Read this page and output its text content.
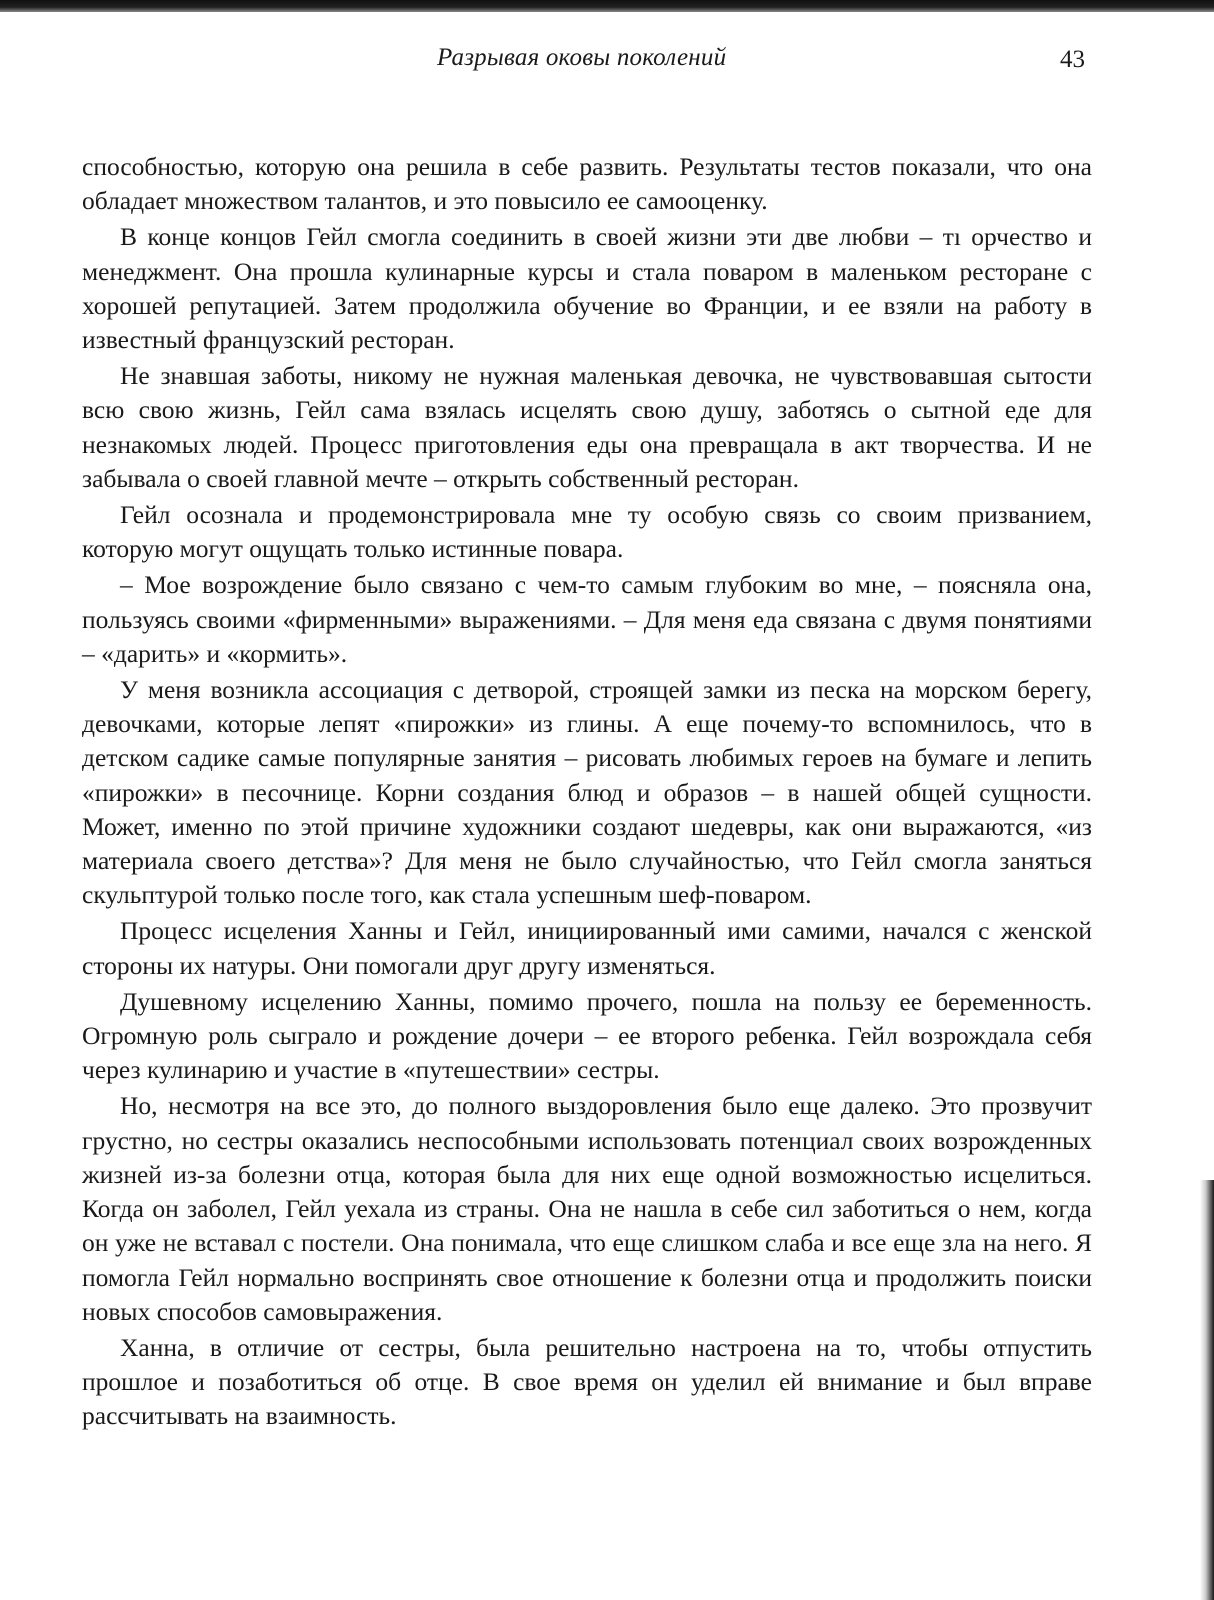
Разрывая оковы поколений	43

способностью, которую она решила в себе развить. Результаты тестов показали, что она обладает множеством талантов, и это повысило ее самооценку.

В конце концов Гейл смогла соединить в своей жизни эти две любви – тı орчество и менеджмент. Она прошла кулинарные курсы и стала поваром в маленьком ресторане с хорошей репутацией. Затем продолжила обучение во Франции, и ее взяли на работу в известный французский ресторан.

Не знавшая заботы, никому не нужная маленькая девочка, не чувствовавшая сытости всю свою жизнь, Гейл сама взялась исцелять свою душу, заботясь о сытной еде для незнакомых людей. Процесс приготовления еды она превращала в акт творчества. И не забывала о своей главной мечте – открыть собственный ресторан.

Гейл осознала и продемонстрировала мне ту особую связь со своим призванием, которую могут ощущать только истинные повара.

– Мое возрождение было связано с чем-то самым глубоким во мне, – поясняла она, пользуясь своими «фирменными» выражениями. – Для меня еда связана с двумя понятиями – «дарить» и «кормить».

У меня возникла ассоциация с детворой, строящей замки из песка на морском берегу, девочками, которые лепят «пирожки» из глины. А еще почему-то вспомнилось, что в детском садике самые популярные занятия – рисовать любимых героев на бумаге и лепить «пирожки» в песочнице. Корни создания блюд и образов – в нашей общей сущности. Может, именно по этой причине художники создают шедевры, как они выражаются, «из материала своего детства»? Для меня не было случайностью, что Гейл смогла заняться скульптурой только после того, как стала успешным шеф-поваром.

Процесс исцеления Ханны и Гейл, инициированный ими самими, начался с женской стороны их натуры. Они помогали друг другу изменяться.

Душевному исцелению Ханны, помимо прочего, пошла на пользу ее беременность. Огромную роль сыграло и рождение дочери – ее второго ребенка. Гейл возрождала себя через кулинарию и участие в «путешествии» сестры.

Но, несмотря на все это, до полного выздоровления было еще далеко. Это прозвучит грустно, но сестры оказались неспособными использовать потенциал своих возрожденных жизней из-за болезни отца, которая была для них еще одной возможностью исцелиться. Когда он заболел, Гейл уехала из страны. Она не нашла в себе сил заботиться о нем, когда он уже не вставал с постели. Она понимала, что еще слишком слаба и все еще зла на него. Я помогла Гейл нормально воспринять свое отношение к болезни отца и продолжить поиски новых способов самовыражения.

Ханна, в отличие от сестры, была решительно настроена на то, чтобы отпустить прошлое и позаботиться об отце. В свое время он уделил ей внимание и был вправе рассчитывать на взаимность.
